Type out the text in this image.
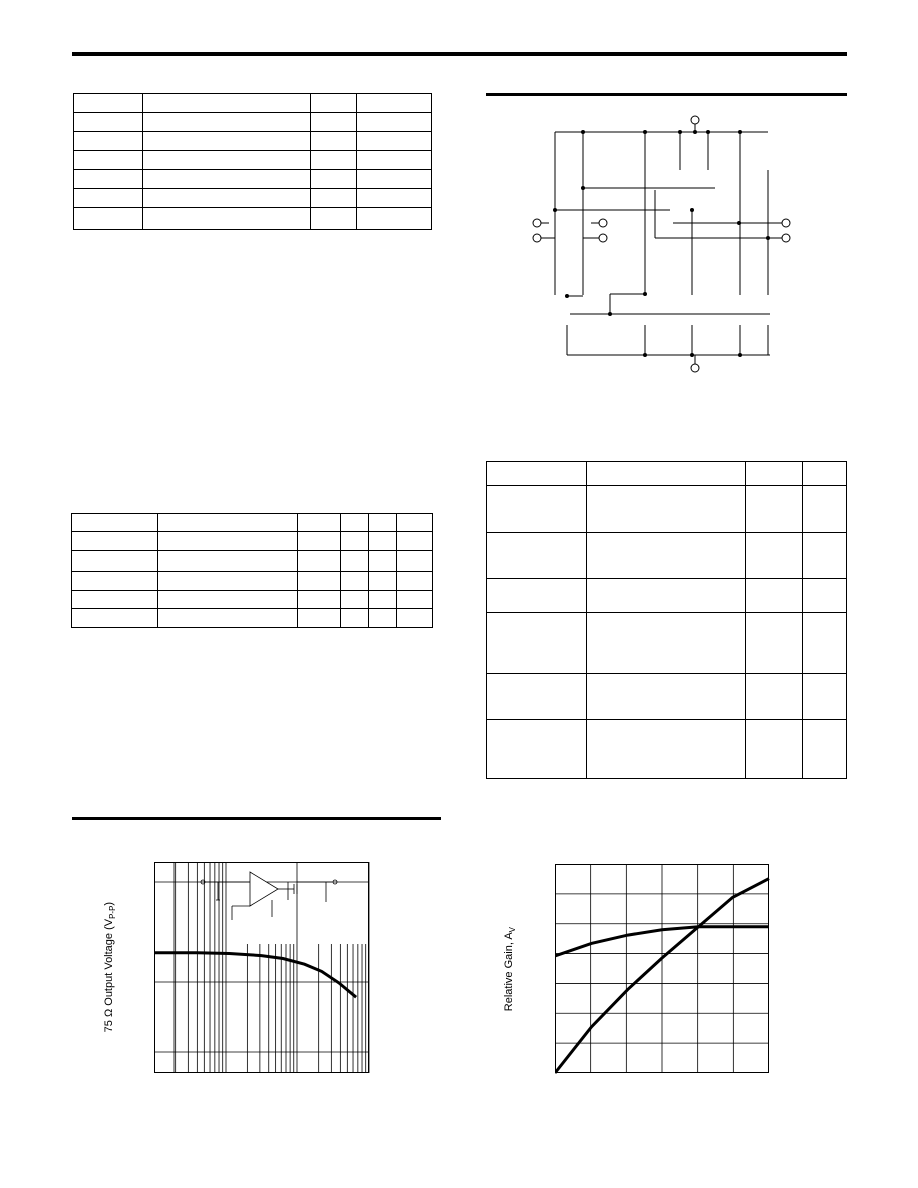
75 Ω Output Voltage $(V_{P-P})$
Relative Gain, $A_V$
